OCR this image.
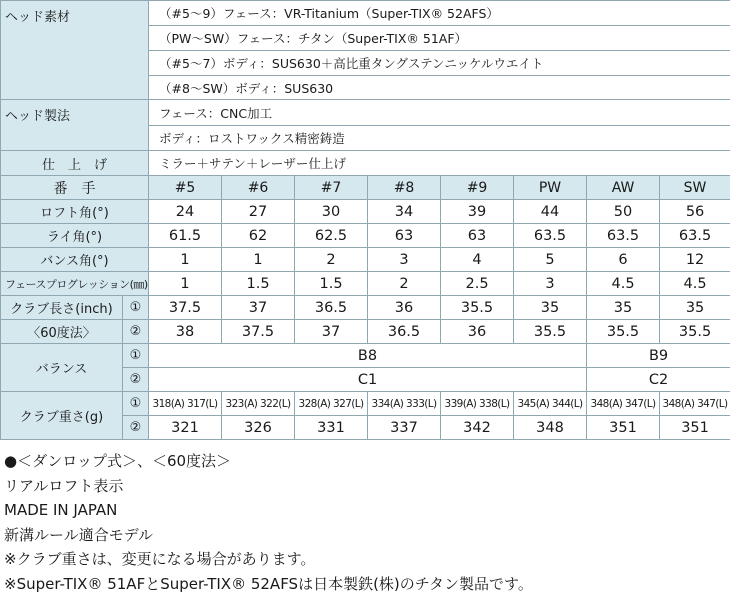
ヘッド素材		（#5～9）フェース：VR-Titanium（Super-TIX® 52AFS）							
		（PW～SW）フェース：チタン（Super-TIX® 51AF）							
		（#5～7）ボディ：SUS630＋高比重タングステンニッケルウエイト							
		（#8～SW）ボディ：SUS630							
ヘッド製法		フェース：CNC加工							
		ボディ：ロストワックス精密鋳造							
仕　上　げ		ミラー＋サテン＋レーザー仕上げ							
番　手		#5	#6	#7	#8	#9	PW	AW	SW
ロフト角(°)		24	27	30	34	39	44	50	56
ライ角(°)		61.5	62	62.5	63	63	63.5	63.5	63.5
バンス角(°)		1	1	2	3	4	5	6	12
フェースプログレッション(㎜)		1	1.5	1.5	2	2.5	3	4.5	4.5
クラブ長さ(inch)	①	37.5	37	36.5	36	35.5	35	35	35
〈60度法〉	②	38	37.5	37	36.5	36	35.5	35.5	35.5
バランス	①	B8						B9	
	②	C1						C2	
クラブ重さ(g)	①	318(A) 317(L)	323(A) 322(L)	328(A) 327(L)	334(A) 333(L)	339(A) 338(L)	345(A) 344(L)	348(A) 347(L)	348(A) 347(L)
	②	321	326	331	337	342	348	351	351
●＜ダンロップ式＞、＜60度法＞
リアルロフト表示
MADE IN JAPAN
新溝ルール適合モデル
※クラブ重さは、変更になる場合があります。
※Super-TIX® 51AFとSuper-TIX® 52AFSは日本製鉄(株)のチタン製品です。
